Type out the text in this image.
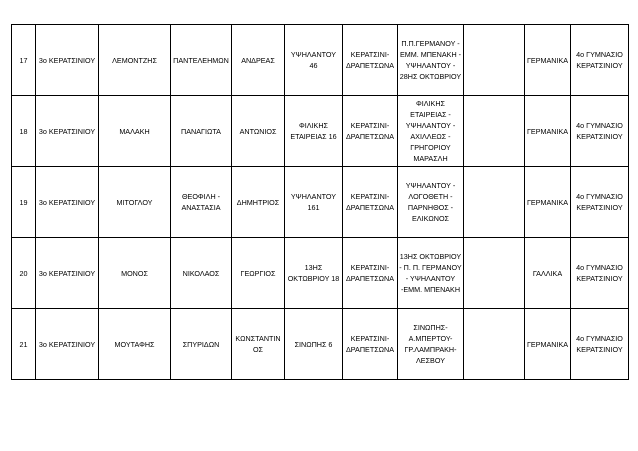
17	3ο ΚΕΡΑΤΣΙΝΙΟΥ	ΛΕΜΟΝΤΖΗΣ	ΠΑΝΤΕΛΕΗΜΩΝ	ΑΝΔΡΕΑΣ	ΥΨΗΛΑΝΤΟΥ 46	ΚΕΡΑΤΣΙΝΙ-ΔΡΑΠΕΤΣΩΝΑ	Π.Π.ΓΕΡΜΑΝΟΥ - ΕΜΜ. ΜΠΕΝΑΚΗ - ΥΨΗΛΑΝΤΟΥ - 28ΗΣ ΟΚΤΩΒΡΙΟΥ		ΓΕΡΜΑΝΙΚΑ	4ο ΓΥΜΝΑΣΙΟ ΚΕΡΑΤΣΙΝΙΟΥ
18	3ο ΚΕΡΑΤΣΙΝΙΟΥ	ΜΑΛΑΚΗ	ΠΑΝΑΓΙΩΤΑ	ΑΝΤΩΝΙΟΣ	ΦΙΛΙΚΗΣ ΕΤΑΙΡΕΙΑΣ 16	ΚΕΡΑΤΣΙΝΙ-ΔΡΑΠΕΤΣΩΝΑ	ΦΙΛΙΚΗΣ ΕΤΑΙΡΕΙΑΣ - ΥΨΗΛΑΝΤΟΥ - ΑΧΙΛΛΕΩΣ - ΓΡΗΓΟΡΙΟΥ ΜΑΡΑΣΛΗ		ΓΕΡΜΑΝΙΚΑ	4ο ΓΥΜΝΑΣΙΟ ΚΕΡΑΤΣΙΝΙΟΥ
19	3ο ΚΕΡΑΤΣΙΝΙΟΥ	ΜΙΤΟΓΛΟΥ	ΘΕΟΦΙΛΗ - ΑΝΑΣΤΑΣΙΑ	ΔΗΜΗΤΡΙΟΣ	ΥΨΗΛΑΝΤΟΥ 161	ΚΕΡΑΤΣΙΝΙ-ΔΡΑΠΕΤΣΩΝΑ	ΥΨΗΛΑΝΤΟΥ - ΛΟΓΟΘΕΤΗ - ΠΑΡΝΗΘΟΣ - ΕΛΙΚΩΝΟΣ		ΓΕΡΜΑΝΙΚΑ	4ο ΓΥΜΝΑΣΙΟ ΚΕΡΑΤΣΙΝΙΟΥ
20	3ο ΚΕΡΑΤΣΙΝΙΟΥ	ΜΟΝΟΣ	ΝΙΚΟΛΑΟΣ	ΓΕΩΡΓΙΟΣ	13ΗΣ ΟΚΤΩΒΡΙΟΥ 18	ΚΕΡΑΤΣΙΝΙ-ΔΡΑΠΕΤΣΩΝΑ	13ΗΣ ΟΚΤΩΒΡΙΟΥ - Π. Π. ΓΕΡΜΑΝΟΥ - ΥΨΗΛΑΝΤΟΥ -ΕΜΜ. ΜΠΕΝΑΚΗ		ΓΑΛΛΙΚΑ	4ο ΓΥΜΝΑΣΙΟ ΚΕΡΑΤΣΙΝΙΟΥ
21	3ο ΚΕΡΑΤΣΙΝΙΟΥ	ΜΟΥΤΑΦΗΣ	ΣΠΥΡΙΔΩΝ	ΚΩΝΣΤΑΝΤΙΝΟΣ	ΣΙΝΩΠΗΣ 6	ΚΕΡΑΤΣΙΝΙ-ΔΡΑΠΕΤΣΩΝΑ	ΣΙΝΩΠΗΣ-Α.ΜΠΕΡΤΟΥ-ΓΡ.ΛΑΜΠΡΑΚΗ-ΛΕΣΒΟΥ		ΓΕΡΜΑΝΙΚΑ	4ο ΓΥΜΝΑΣΙΟ ΚΕΡΑΤΣΙΝΙΟΥ
